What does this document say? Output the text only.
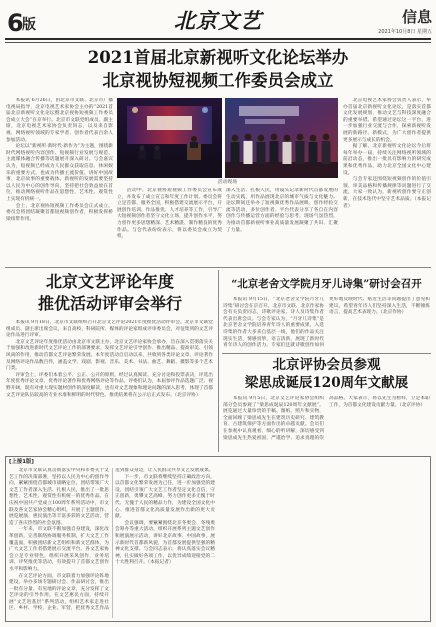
6
版	北京文艺	信息
2021年10月8日 星期五
2021首届北京新视听文化论坛举办
北京视协短视频工作委员会成立
　　本报讯 6月26日，由北京市文联、北京市广播电视局指导，北京电视艺术家协会主办的“2021首届北京新视听文化论坛暨北京视协短视频工作委员会成立大会”在京举行。北京市文联党组成员、副主席，北京电视艺术家协会负责同志，以及来自影视、网络视听领域的专家学者、创作者代表百余人参加活动。
　　论坛以“新视听·新时代·新作为”为主题，围绕新时代网络视听内容创作、短视频行业发展与规范、主流媒体融合传播等话题展开深入研讨。与会嘉宾认为，短视频已经成为人民群众获取信息、休闲娱乐的重要方式，也成为传播主流价值、讲好中国故事、北京故事的重要载体。新视听的发展需要坚持以人民为中心的创作导向，坚持把社会效益放在首位，推动网络视听作品在思想性、艺术性、观赏性上实现有机统一。
　　会上，北京视协短视频工作委员会正式成立。委员会将团结凝聚首都短视频创作者，积极发挥桥梁纽带作用。
活动现场
　　活动中，北京视协短视频工作委员会宣布成立，并发布了成立宣言和年度工作计划。委员会将立足首都、服务全国，积极搭建交流展示平台，开展创作培训、作品推优、人才培养等工作，引导广大短视频创作者坚守文化立场，提升创作水平，努力创作更多思想精深、艺术精湛、制作精良的优秀作品。与会代表纷纷表示，将以委员会成立为契机，
深入生活、扎根人民，用镜头记录新时代首都发展的生动实践，用作品展现北京的城市气质与文化魅力。论坛期间还举办了短视频优秀作品展映、创作经验交流等活动，多位创作者、平台代表分享了各自在内容创作与传播运营方面的经验与思考，现场气氛热烈，为推动首都新视听事业高质量发展凝聚了共识、汇聚了力量。
　　北京电视艺术家协会负责人表示，举办首届北京新视听文化论坛，是落实首都文化发展规划、推动文艺与科技深度融合的重要举措。希望通过论坛这一平台，进一步加强行业交流与合作，探索新视听发展的新路径、新模式，为广大创作者提供更多展示与成长的机会。
　　据了解，北京新视听文化论坛今后将每年举办一届，持续关注网络视听领域的前沿动态，推出一批具有影响力的研究成果和优秀作品，助力北京全国文化中心建设。
　　与会专家还围绕短视频创作的价值引领、审美品格和传播规律等问题进行了交流，大家一致认为，新视听创作要守正创新，在技术迭代中坚守艺术品质。（本报记者）
北京文艺评论年度
推优活动评审会举行
　　本报讯 9月18日，北京市文联组织召开北京文艺评论2021年度推优活动评审会。北京市文联党组成员、副主席出席会议，来自高校、科研院所、媒体的评论家组成评审委员会，对征集到的文艺评论作品进行评审。
　　北京文艺评论年度推优活动由北京市文联主办，北京文艺评论家协会承办，旨在深入贯彻落实关于加强和改进新时代文艺评论工作的部署要求，发挥文艺评论引导创作、推出精品、提高审美、引领风尚的作用，推动首都文艺评论繁荣发展。本年度活动自启动以来，共收到各类评论文章、评论著作及网络评论作品数百件，涵盖文学、戏剧、影视、音乐、美术、书法、曲艺、舞蹈、摄影等多个艺术门类。
　　评审会上，评委们本着公平、公正、公开的原则，经过认真阅读、充分讨论和投票表决，评选出年度优秀评论文章、优秀评论著作和优秀网络评论等作品。评委们认为，本届参评作品选题广泛、视野开阔，既有对重大现实题材创作的深度解读，也有对文艺现象和理论问题的深入思考，体现了首都文艺评论队伍较高的专业水准和鲜明的时代特色。推优结果将在公示后正式发布。（北京评协）
“北京老舍文学院月牙儿诗集”研讨会召开
　　本报讯 9月15日，“北京老舍文学院月牙儿诗集”研讨会在京召开。北京市文联、北京作家协会有关负责同志，诗歌评论家、诗人及诗集作者代表出席会议。与会专家认为，“月牙儿诗集”是北京老舍文学院培养青年诗人的重要成果，入选诗集的作者大多来自基层一线，他们的作品关注现实生活，情感真挚，语言清新，展现了新时代青年诗人的创作活力。专家们还就诗歌创作如何更好地反映时代、贴近生活等问题提出了意见和建议，希望青年诗人们坚持深入生活，不断锤炼语言，提高艺术表现力。（北京作协）
北京评协会员参观
梁思成诞辰120周年文献展
　　本报讯 9月5日，北京文艺评论家协会组织部分会员参观了“梁思成诞辰120周年文献展”。展览通过大量珍贵的手稿、图纸、照片和实物，全面回顾了梁思成先生在建筑历史研究、建筑教育、古建筑保护等方面作出的卓越贡献。会员们在参观中认真观看、细心聆听讲解，深切感受到梁思成先生热爱祖国、严谨治学、追求真理的崇高品格。大家表示，将以先生为榜样，立足本职工作，为首都文化建设贡献力量。（北京评协）
[上接1版]
　　北京市文联认真贯彻落实中央和市委关于文艺工作的决策部署，坚持以人民为中心的创作导向，紧紧围绕首都城市战略定位，团结带领广大文艺工作者深入生活、扎根人民，推出了一批思想性、艺术性、观赏性有机统一的优秀作品。在庆祝中国共产党成立100周年系列活动中，市文联及各文艺家协会精心组织，开展了主题创作、展览展演、惠民演出等丰富多彩的文艺活动，营造了喜庆热烈的社会氛围。
　　一年来，市文联不断加强自身建设，深化改革创新，完善联络协调服务机制，扩大文艺工作覆盖面，积极团结新文艺组织和新文艺群体，为广大文艺工作者搭建展示交流平台。各文艺家协会立足专业特色，组织开展采风创作、业务培训、评奖推优等活动，有效提升了首都文艺创作水平和影响力。
　　在文艺评论方面，市文联着力加强评论阵地建设，举办多场专题研讨会、作品研讨会，推出一批有分量、有见地的评论文章，充分发挥了文艺评论的引导作用。在文艺惠民方面，持续开展“文艺进基层”系列活动，组织艺术家走进社区、乡村、学校、企业、军营，把优秀文艺作品送到群众身边，让人民群众共享文艺发展成果。
　　下一步，市文联将继续坚持正确政治方向，以首都文化繁荣发展为己任，进一步加强党的建设，团结引领广大文艺工作者坚定文化自信，守正创新，勇攀文艺高峰，努力创作更多无愧于时代、无愧于人民的精品力作，为建设全国文化中心、推进首都文化高质量发展作出新的更大贡献。
　　会议强调，要紧紧围绕北京冬奥会、冬残奥会筹办等重大活动，组织开展系列主题文艺创作和展演展示活动，讲好北京故事、中国故事，展示新时代首都新风貌，为首都发展提供坚强的精神文化支撑。与会同志表示，将认真落实会议精神，扎实做好各项工作，以优异成绩迎接党的二十大胜利召开。（本报记者）
